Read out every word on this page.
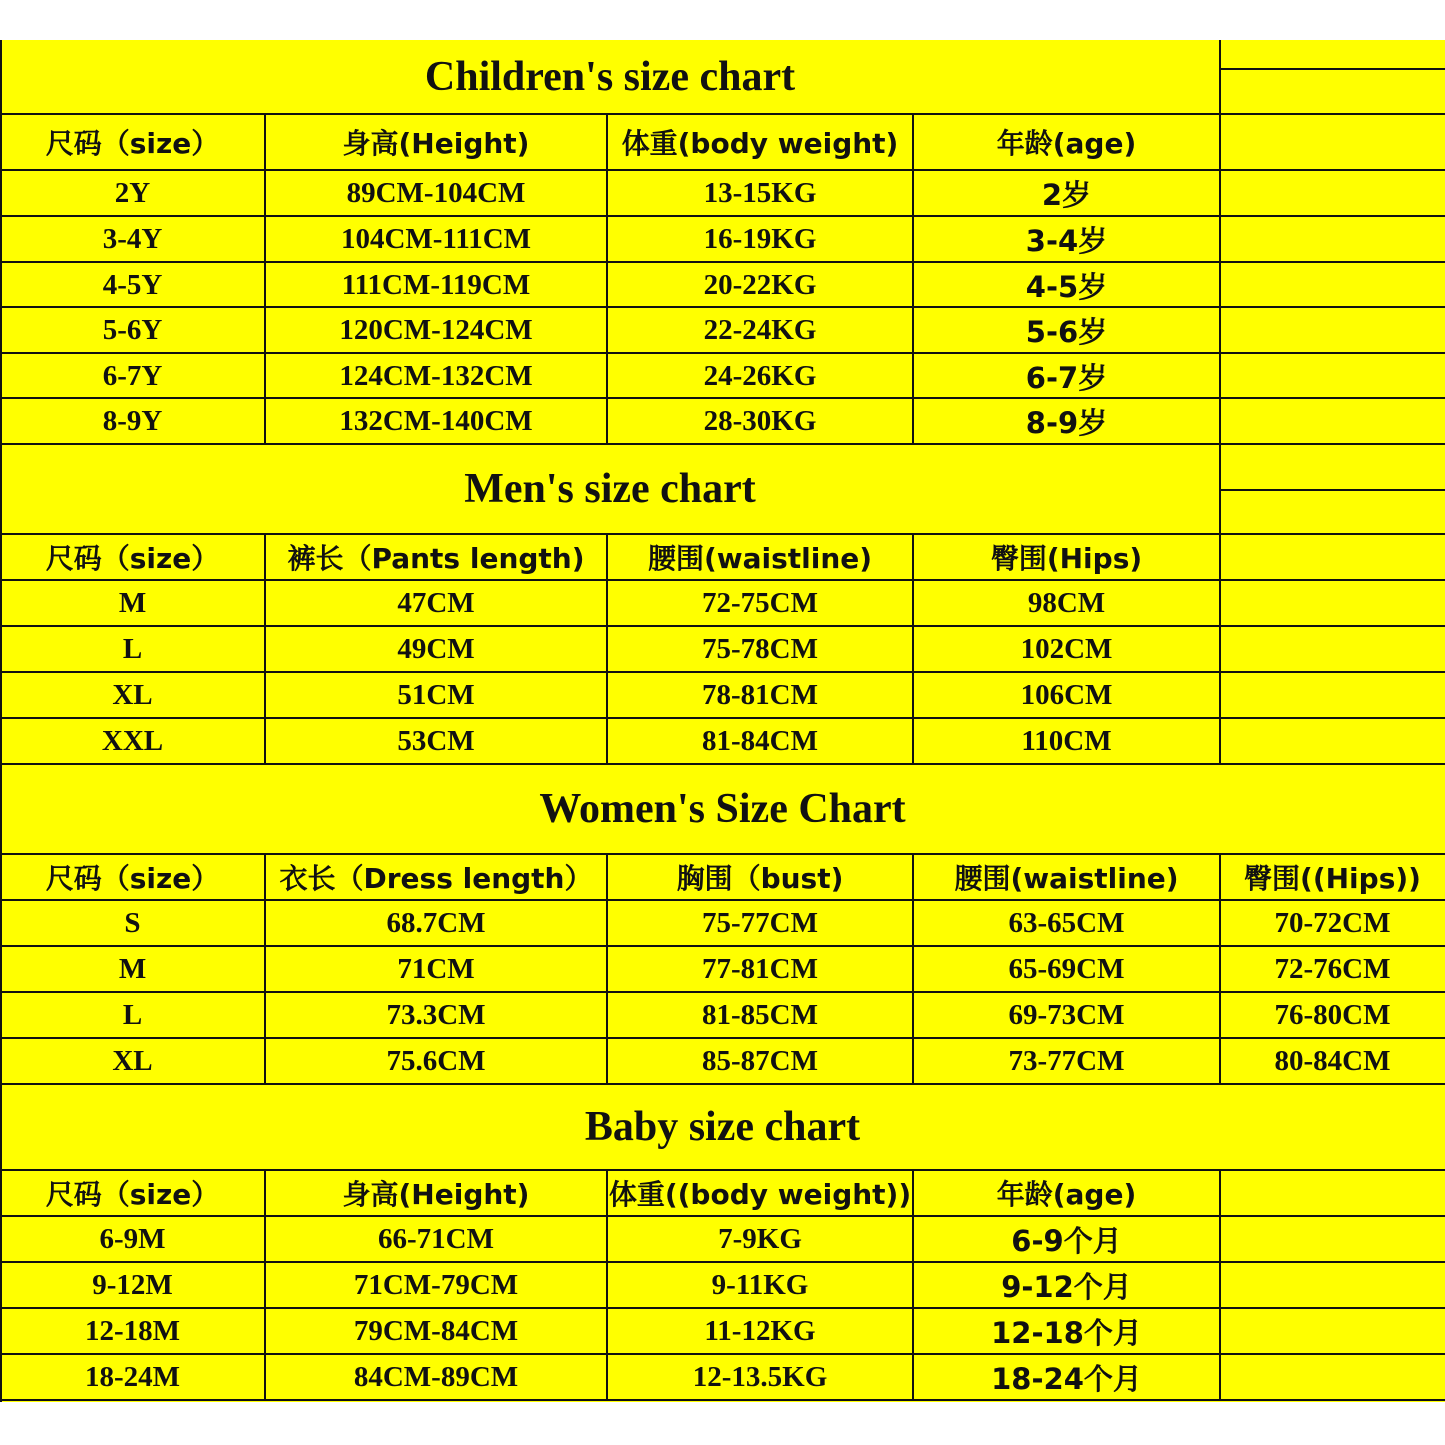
Children's size chart
尺码（size）	身高(Height)	体重(body weight)	年龄(age)
2Y	89CM-104CM	13-15KG	2岁
3-4Y	104CM-111CM	16-19KG	3-4岁
4-5Y	111CM-119CM	20-22KG	4-5岁
5-6Y	120CM-124CM	22-24KG	5-6岁
6-7Y	124CM-132CM	24-26KG	6-7岁
8-9Y	132CM-140CM	28-30KG	8-9岁
Men's size chart
尺码（size）	裤长（Pants length)	腰围(waistline)	臀围(Hips)
M	47CM	72-75CM	98CM
L	49CM	75-78CM	102CM
XL	51CM	78-81CM	106CM
XXL	53CM	81-84CM	110CM
Women's Size Chart
尺码（size）	衣长（Dress length）	胸围（bust)	腰围(waistline)	臀围((Hips))
S	68.7CM	75-77CM	63-65CM	70-72CM
M	71CM	77-81CM	65-69CM	72-76CM
L	73.3CM	81-85CM	69-73CM	76-80CM
XL	75.6CM	85-87CM	73-77CM	80-84CM
Baby size chart
尺码（size）	身高(Height)	体重((body weight))	年龄(age)
6-9M	66-71CM	7-9KG	6-9个月
9-12M	71CM-79CM	9-11KG	9-12个月
12-18M	79CM-84CM	11-12KG	12-18个月
18-24M	84CM-89CM	12-13.5KG	18-24个月
